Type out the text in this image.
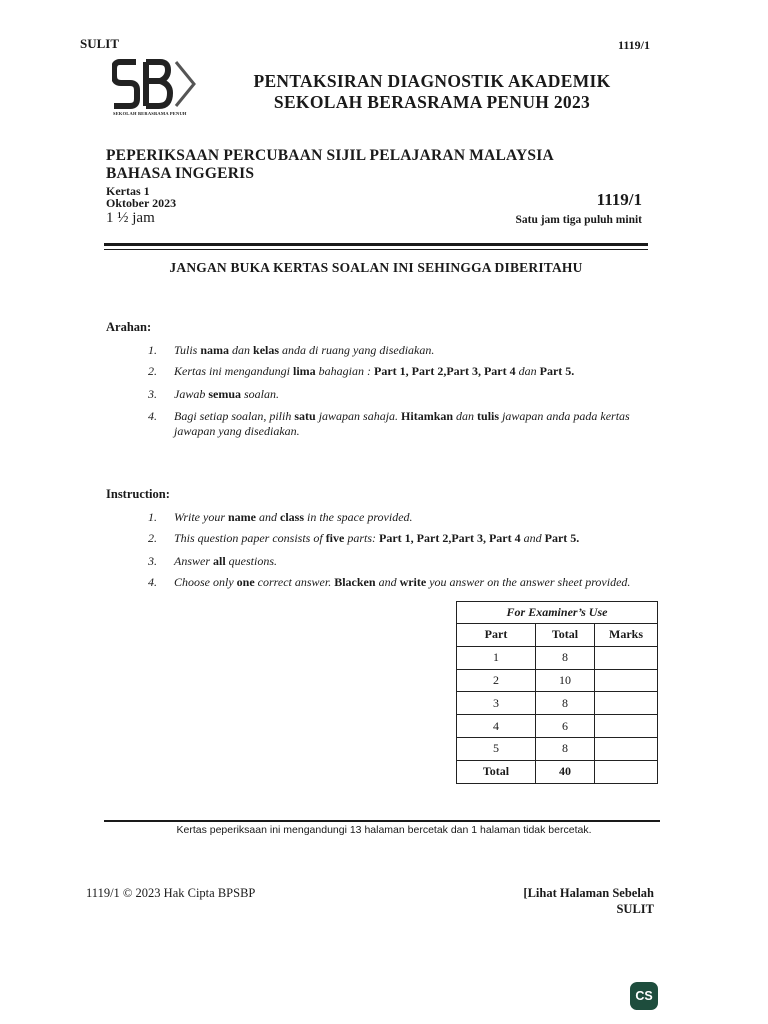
SULIT	1119/1
SEKOLAH BERASRAMA PENUH
PENTAKSIRAN DIAGNOSTIK AKADEMIK
SEKOLAH BERASRAMA PENUH 2023
PEPERIKSAAN PERCUBAAN SIJIL PELAJARAN MALAYSIA
BAHASA INGGERIS
Kertas 1
Oktober 2023
1 ½ jam
1119/1
Satu jam tiga puluh minit
JANGAN BUKA KERTAS SOALAN INI SEHINGGA DIBERITAHU
Arahan:
1.	Tulis nama dan kelas anda di ruang yang disediakan.
2.	Kertas ini mengandungi lima bahagian : Part 1, Part 2,Part 3, Part 4 dan Part 5.
3.	Jawab semua soalan.
4.	Bagi setiap soalan, pilih satu jawapan sahaja. Hitamkan dan tulis jawapan anda pada kertas jawapan yang disediakan.
Instruction:
1.	Write your name and class in the space provided.
2.	This question paper consists of five parts: Part 1, Part 2,Part 3, Part 4 and Part 5.
3.	Answer all questions.
4.	Choose only one correct answer. Blacken and write you answer on the answer sheet provided.
For Examiner’s Use		
Part	Total	Marks
1	8	
2	10	
3	8	
4	6	
5	8	
Total	40	
Kertas peperiksaan ini mengandungi 13 halaman bercetak dan 1 halaman tidak bercetak.
1119/1 © 2023 Hak Cipta BPSBP	[Lihat Halaman Sebelah
SULIT
CS
